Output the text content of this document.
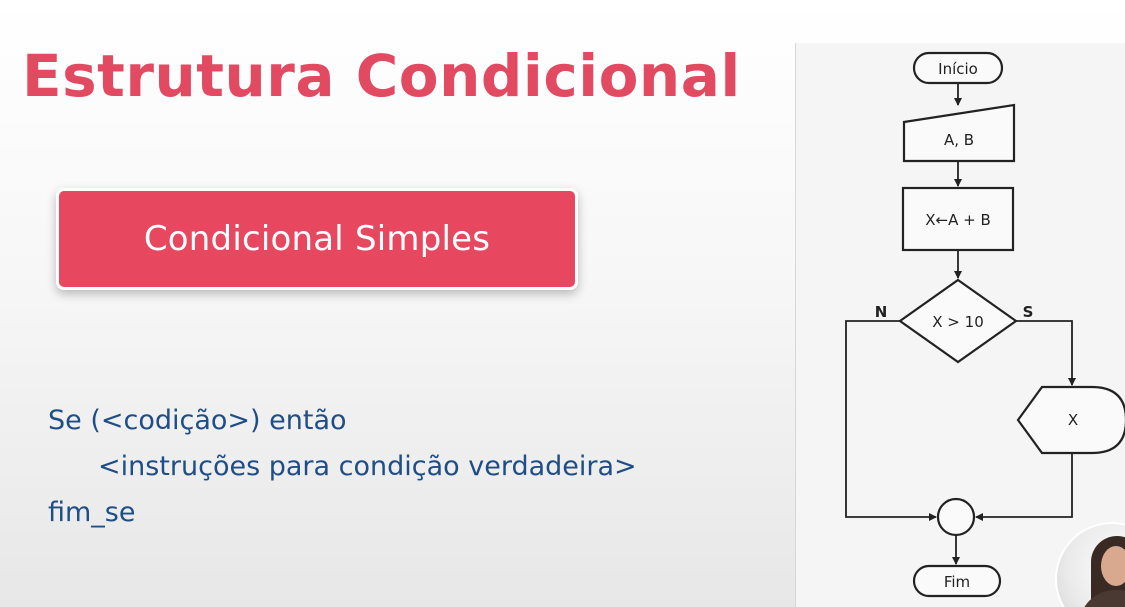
Estrutura Condicional
Condicional Simples
Se (<codição>) então
<instruções para condição verdadeira>
fim_se
Início
A, B
X←A + B
X > 10
N	S
X
Fim
